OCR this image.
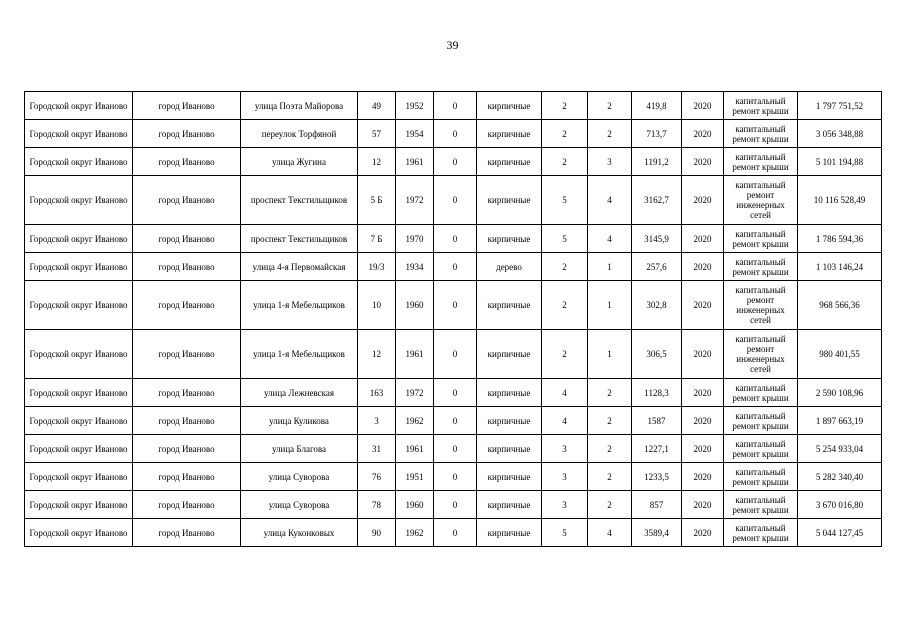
39
Городской округ Иваново	город Иваново	улица Поэта Майорова	49	1952	0	кирпичные	2	2	419,8	2020	капитальный ремонт крыши	1 797 751,52
Городской округ Иваново	город Иваново	переулок Торфяной	57	1954	0	кирпичные	2	2	713,7	2020	капитальный ремонт крыши	3 056 348,88
Городской округ Иваново	город Иваново	улица Жугина	12	1961	0	кирпичные	2	3	1191,2	2020	капитальный ремонт крыши	5 101 194,88
Городской округ Иваново	город Иваново	проспект Текстильщиков	5 Б	1972	0	кирпичные	5	4	3162,7	2020	капитальный ремонт инженерных сетей	10 116 528,49
Городской округ Иваново	город Иваново	проспект Текстильщиков	7 Б	1970	0	кирпичные	5	4	3145,9	2020	капитальный ремонт крыши	1 786 594,36
Городской округ Иваново	город Иваново	улица 4-я Первомайская	19/3	1934	0	дерево	2	1	257,6	2020	капитальный ремонт крыши	1 103 146,24
Городской округ Иваново	город Иваново	улица 1-я Мебельщиков	10	1960	0	кирпичные	2	1	302,8	2020	капитальный ремонт инженерных сетей	968 566,36
Городской округ Иваново	город Иваново	улица 1-я Мебельщиков	12	1961	0	кирпичные	2	1	306,5	2020	капитальный ремонт инженерных сетей	980 401,55
Городской округ Иваново	город Иваново	улица Лежневская	163	1972	0	кирпичные	4	2	1128,3	2020	капитальный ремонт крыши	2 590 108,96
Городской округ Иваново	город Иваново	улица Куликова	3	1962	0	кирпичные	4	2	1587	2020	капитальный ремонт крыши	1 897 663,19
Городской округ Иваново	город Иваново	улица Благова	31	1961	0	кирпичные	3	2	1227,1	2020	капитальный ремонт крыши	5 254 933,04
Городской округ Иваново	город Иваново	улица Суворова	76	1951	0	кирпичные	3	2	1233,5	2020	капитальный ремонт крыши	5 282 340,40
Городской округ Иваново	город Иваново	улица Суворова	78	1960	0	кирпичные	3	2	857	2020	капитальный ремонт крыши	3 670 016,80
Городской округ Иваново	город Иваново	улица Куконковых	90	1962	0	кирпичные	5	4	3589,4	2020	капитальный ремонт крыши	5 044 127,45
